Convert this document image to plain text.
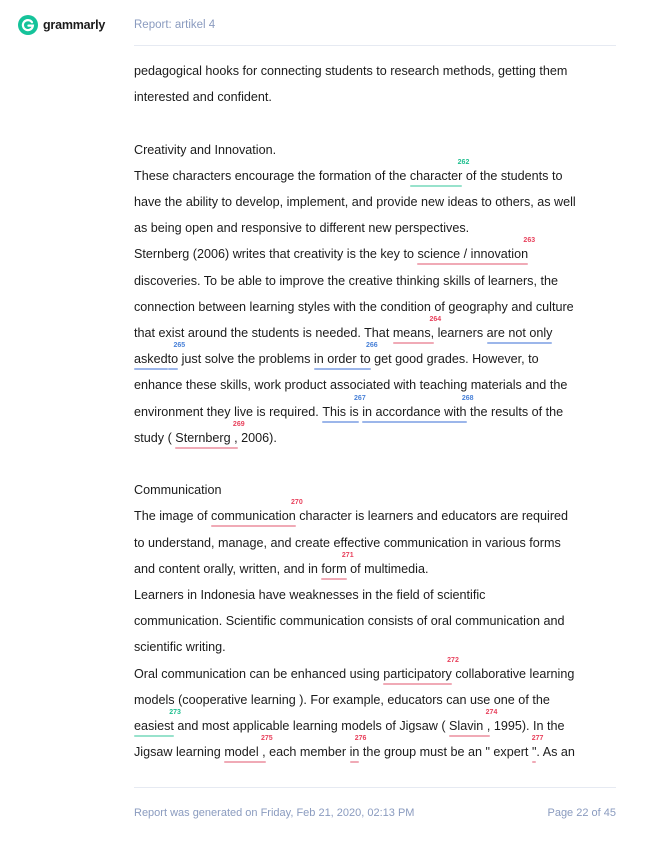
grammarly	Report: artikel 4

pedagogical hooks for connecting students to research methods, getting them

interested and confident.

Creativity and Innovation.

These characters encourage the formation of the character
262
of the students to

have the ability to develop, implement, and provide new ideas to others, as well

as being open and responsive to different new perspectives.

Sternberg (2006) writes that creativity is the key to science / innovation
263

discoveries. To be able to improve the creative thinking skills of learners, the

connection between learning styles with the condition of geography and culture

that exist around the students is needed. That means,
264
learners are not only

askedto
265
just solve the problems in order to
266
get good grades. However, to

enhance these skills, work product associated with teaching materials and the

environment they live is required. This is
267
in accordance with
268
the results of the

study ( Sternberg ,
269
2006).

Communication

The image of communication
270
character is learners and educators are required

to understand, manage, and create effective communication in various forms

and content orally, written, and in form
271
of multimedia.

Learners in Indonesia have weaknesses in the field of scientific

communication. Scientific communication consists of oral communication and

scientific writing.

Oral communication can be enhanced using participatory
272
collaborative learning

models (cooperative learning ). For example, educators can use one of the

easiest
273
and most applicable learning models of Jigsaw ( Slavin ,
274
1995). In the

Jigsaw learning model ,
275
each member in
276
the group must be an " expert "
277
. As an

Report was generated on Friday, Feb 21, 2020, 02:13 PM	Page 22 of 45
